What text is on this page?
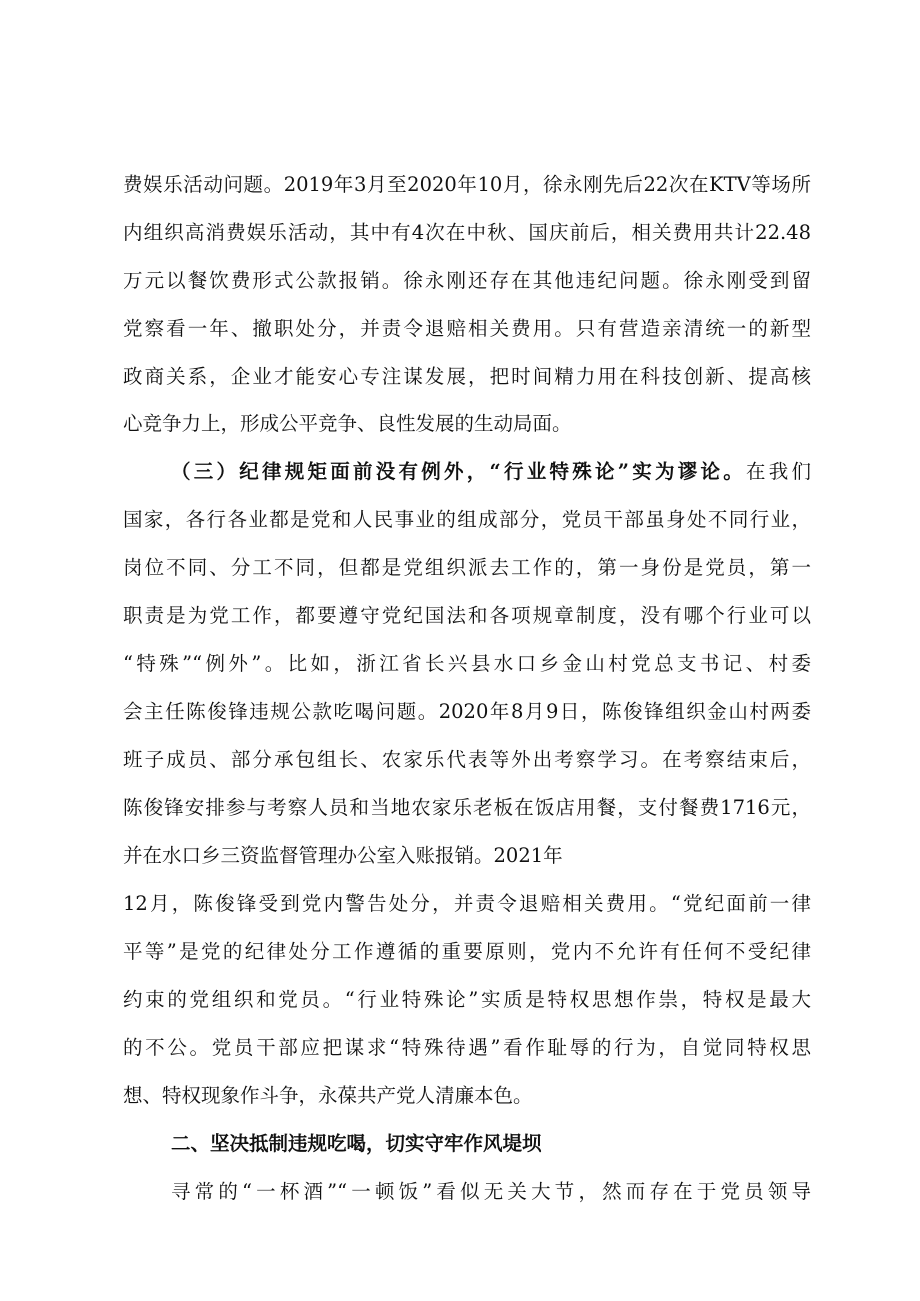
费娱乐活动问题。2019年3月至2020年10月，徐永刚先后22次在KTV等场所
内组织高消费娱乐活动，其中有4次在中秋、国庆前后，相关费用共计22.48
万元以餐饮费形式公款报销。徐永刚还存在其他违纪问题。徐永刚受到留
党察看一年、撤职处分，并责令退赔相关费用。只有营造亲清统一的新型
政商关系，企业才能安心专注谋发展，把时间精力用在科技创新、提高核
心竞争力上，形成公平竞争、良性发展的生动局面。
（三）纪律规矩面前没有例外，“行业特殊论”实为谬论。在我们
国家，各行各业都是党和人民事业的组成部分，党员干部虽身处不同行业，
岗位不同、分工不同，但都是党组织派去工作的，第一身份是党员，第一
职责是为党工作，都要遵守党纪国法和各项规章制度，没有哪个行业可以
“特殊”“例外”。比如，浙江省长兴县水口乡金山村党总支书记、村委
会主任陈俊锋违规公款吃喝问题。2020年8月9日，陈俊锋组织金山村两委
班子成员、部分承包组长、农家乐代表等外出考察学习。在考察结束后，
陈俊锋安排参与考察人员和当地农家乐老板在饭店用餐，支付餐费1716元，
并在水口乡三资监督管理办公室入账报销。2021年
12月，陈俊锋受到党内警告处分，并责令退赔相关费用。“党纪面前一律
平等”是党的纪律处分工作遵循的重要原则，党内不允许有任何不受纪律
约束的党组织和党员。“行业特殊论”实质是特权思想作祟，特权是最大
的不公。党员干部应把谋求“特殊待遇”看作耻辱的行为，自觉同特权思
想、特权现象作斗争，永葆共产党人清廉本色。
二、坚决抵制违规吃喝，切实守牢作风堤坝
寻常的“一杯酒”“一顿饭”看似无关大节，然而存在于党员领导
